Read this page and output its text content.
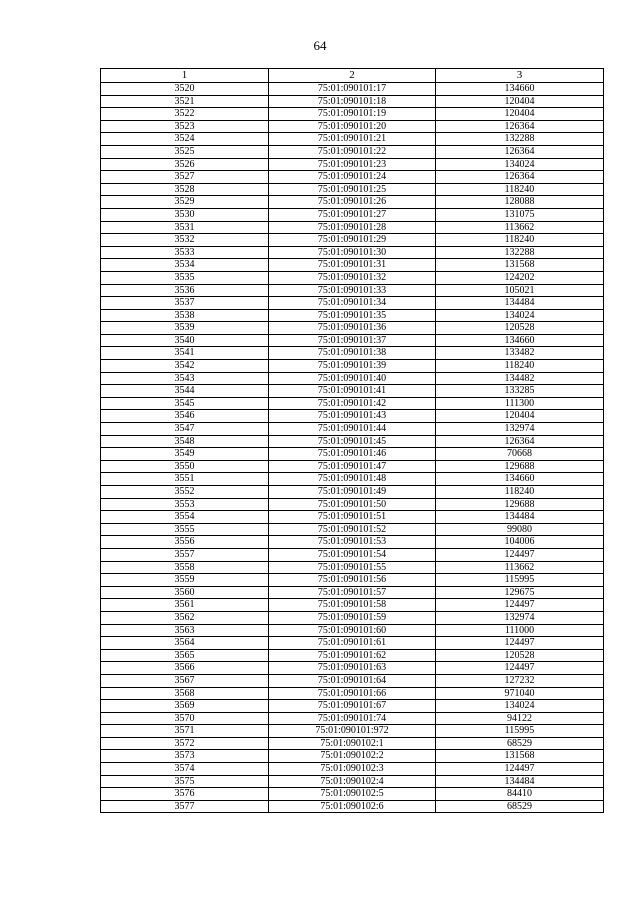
64
1	2	3
3520	75:01:090101:17	134660
3521	75:01:090101:18	120404
3522	75:01:090101:19	120404
3523	75:01:090101:20	126364
3524	75:01:090101:21	132288
3525	75:01:090101:22	126364
3526	75:01:090101:23	134024
3527	75:01:090101:24	126364
3528	75:01:090101:25	118240
3529	75:01:090101:26	128088
3530	75:01:090101:27	131075
3531	75:01:090101:28	113662
3532	75:01:090101:29	118240
3533	75:01:090101:30	132288
3534	75:01:090101:31	131568
3535	75:01:090101:32	124202
3536	75:01:090101:33	105021
3537	75:01:090101:34	134484
3538	75:01:090101:35	134024
3539	75:01:090101:36	120528
3540	75:01:090101:37	134660
3541	75:01:090101:38	133482
3542	75:01:090101:39	118240
3543	75:01:090101:40	134482
3544	75:01:090101:41	133285
3545	75:01:090101:42	111300
3546	75:01:090101:43	120404
3547	75:01:090101:44	132974
3548	75:01:090101:45	126364
3549	75:01:090101:46	70668
3550	75:01:090101:47	129688
3551	75:01:090101:48	134660
3552	75:01:090101:49	118240
3553	75:01:090101:50	129688
3554	75:01:090101:51	134484
3555	75:01:090101:52	99080
3556	75:01:090101:53	104006
3557	75:01:090101:54	124497
3558	75:01:090101:55	113662
3559	75:01:090101:56	115995
3560	75:01:090101:57	129675
3561	75:01:090101:58	124497
3562	75:01:090101:59	132974
3563	75:01:090101:60	111000
3564	75:01:090101:61	124497
3565	75:01:090101:62	120528
3566	75:01:090101:63	124497
3567	75:01:090101:64	127232
3568	75:01:090101:66	971040
3569	75:01:090101:67	134024
3570	75:01:090101:74	94122
3571	75:01:090101:972	115995
3572	75:01:090102:1	68529
3573	75:01:090102:2	131568
3574	75:01:090102:3	124497
3575	75:01:090102:4	134484
3576	75:01:090102:5	84410
3577	75:01:090102:6	68529
